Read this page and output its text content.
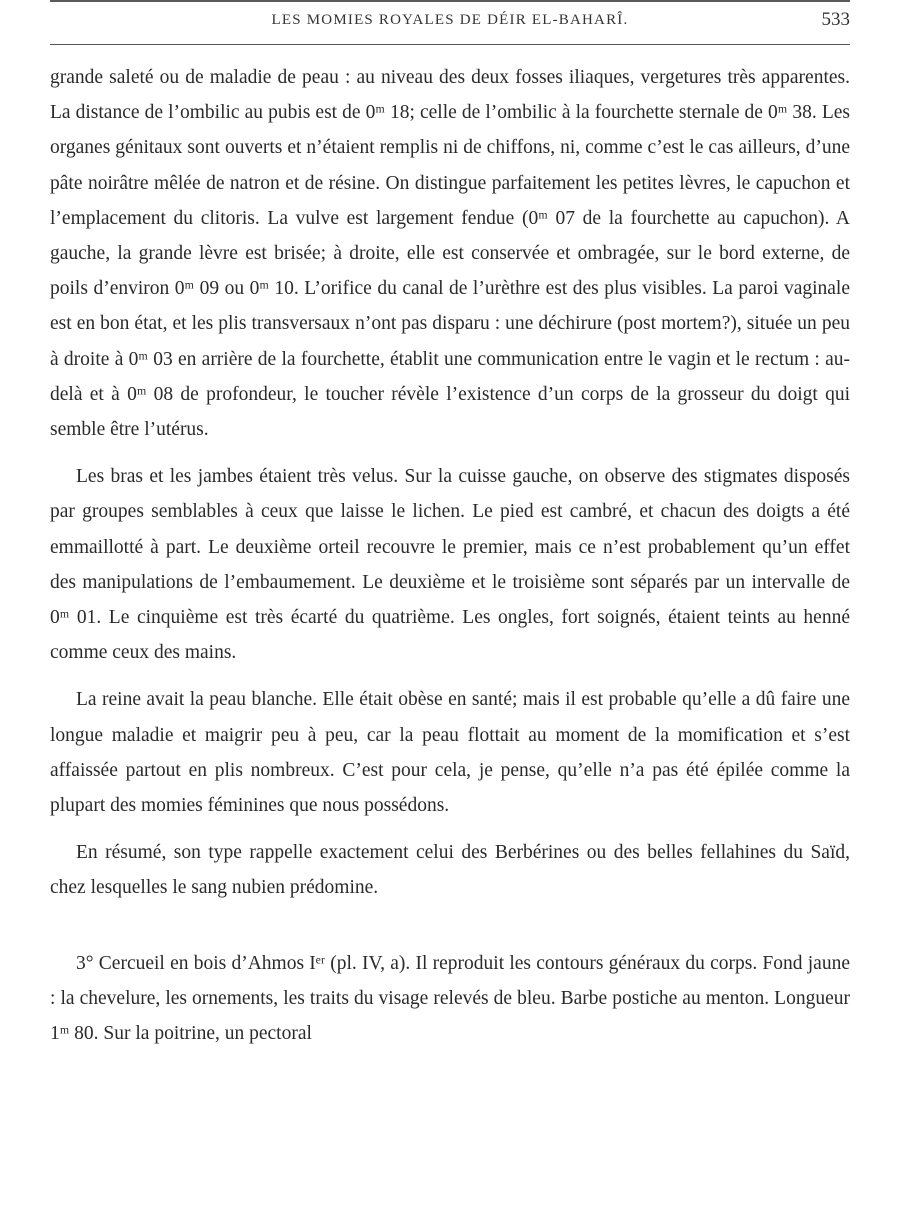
LES MOMIES ROYALES DE DÉIR EL-BAHARÎ.	533

grande saleté ou de maladie de peau : au niveau des deux fosses iliaques, vergetures très apparentes. La distance de l’ombilic au pubis est de 0ᵐ 18; celle de l’ombilic à la fourchette sternale de 0ᵐ 38. Les organes génitaux sont ouverts et n’étaient remplis ni de chiffons, ni, comme c’est le cas ailleurs, d’une pâte noirâtre mêlée de natron et de résine. On distingue parfaitement les petites lèvres, le capuchon et l’emplacement du clitoris. La vulve est largement fendue (0ᵐ 07 de la fourchette au capuchon). A gauche, la grande lèvre est brisée; à droite, elle est conservée et ombragée, sur le bord externe, de poils d’environ 0ᵐ 09 ou 0ᵐ 10. L’orifice du canal de l’urèthre est des plus visibles. La paroi vaginale est en bon état, et les plis transversaux n’ont pas disparu : une déchirure (post mortem?), située un peu à droite à 0ᵐ 03 en arrière de la fourchette, établit une communication entre le vagin et le rectum : au-delà et à 0ᵐ 08 de profondeur, le toucher révèle l’existence d’un corps de la grosseur du doigt qui semble être l’utérus.

Les bras et les jambes étaient très velus. Sur la cuisse gauche, on observe des stigmates disposés par groupes semblables à ceux que laisse le lichen. Le pied est cambré, et chacun des doigts a été emmaillotté à part. Le deuxième orteil recouvre le premier, mais ce n’est probablement qu’un effet des manipulations de l’embaumement. Le deuxième et le troisième sont séparés par un intervalle de 0ᵐ 01. Le cinquième est très écarté du quatrième. Les ongles, fort soignés, étaient teints au henné comme ceux des mains.

La reine avait la peau blanche. Elle était obèse en santé; mais il est probable qu’elle a dû faire une longue maladie et maigrir peu à peu, car la peau flottait au moment de la momification et s’est affaissée partout en plis nombreux. C’est pour cela, je pense, qu’elle n’a pas été épilée comme la plupart des momies féminines que nous possédons.

En résumé, son type rappelle exactement celui des Berbérines ou des belles fellahines du Saïd, chez lesquelles le sang nubien prédomine.

3° Cercueil en bois d’Ahmos Iᵉʳ (pl. IV, a). Il reproduit les contours généraux du corps. Fond jaune : la chevelure, les ornements, les traits du visage relevés de bleu. Barbe postiche au menton. Longueur 1ᵐ 80. Sur la poitrine, un pectoral
